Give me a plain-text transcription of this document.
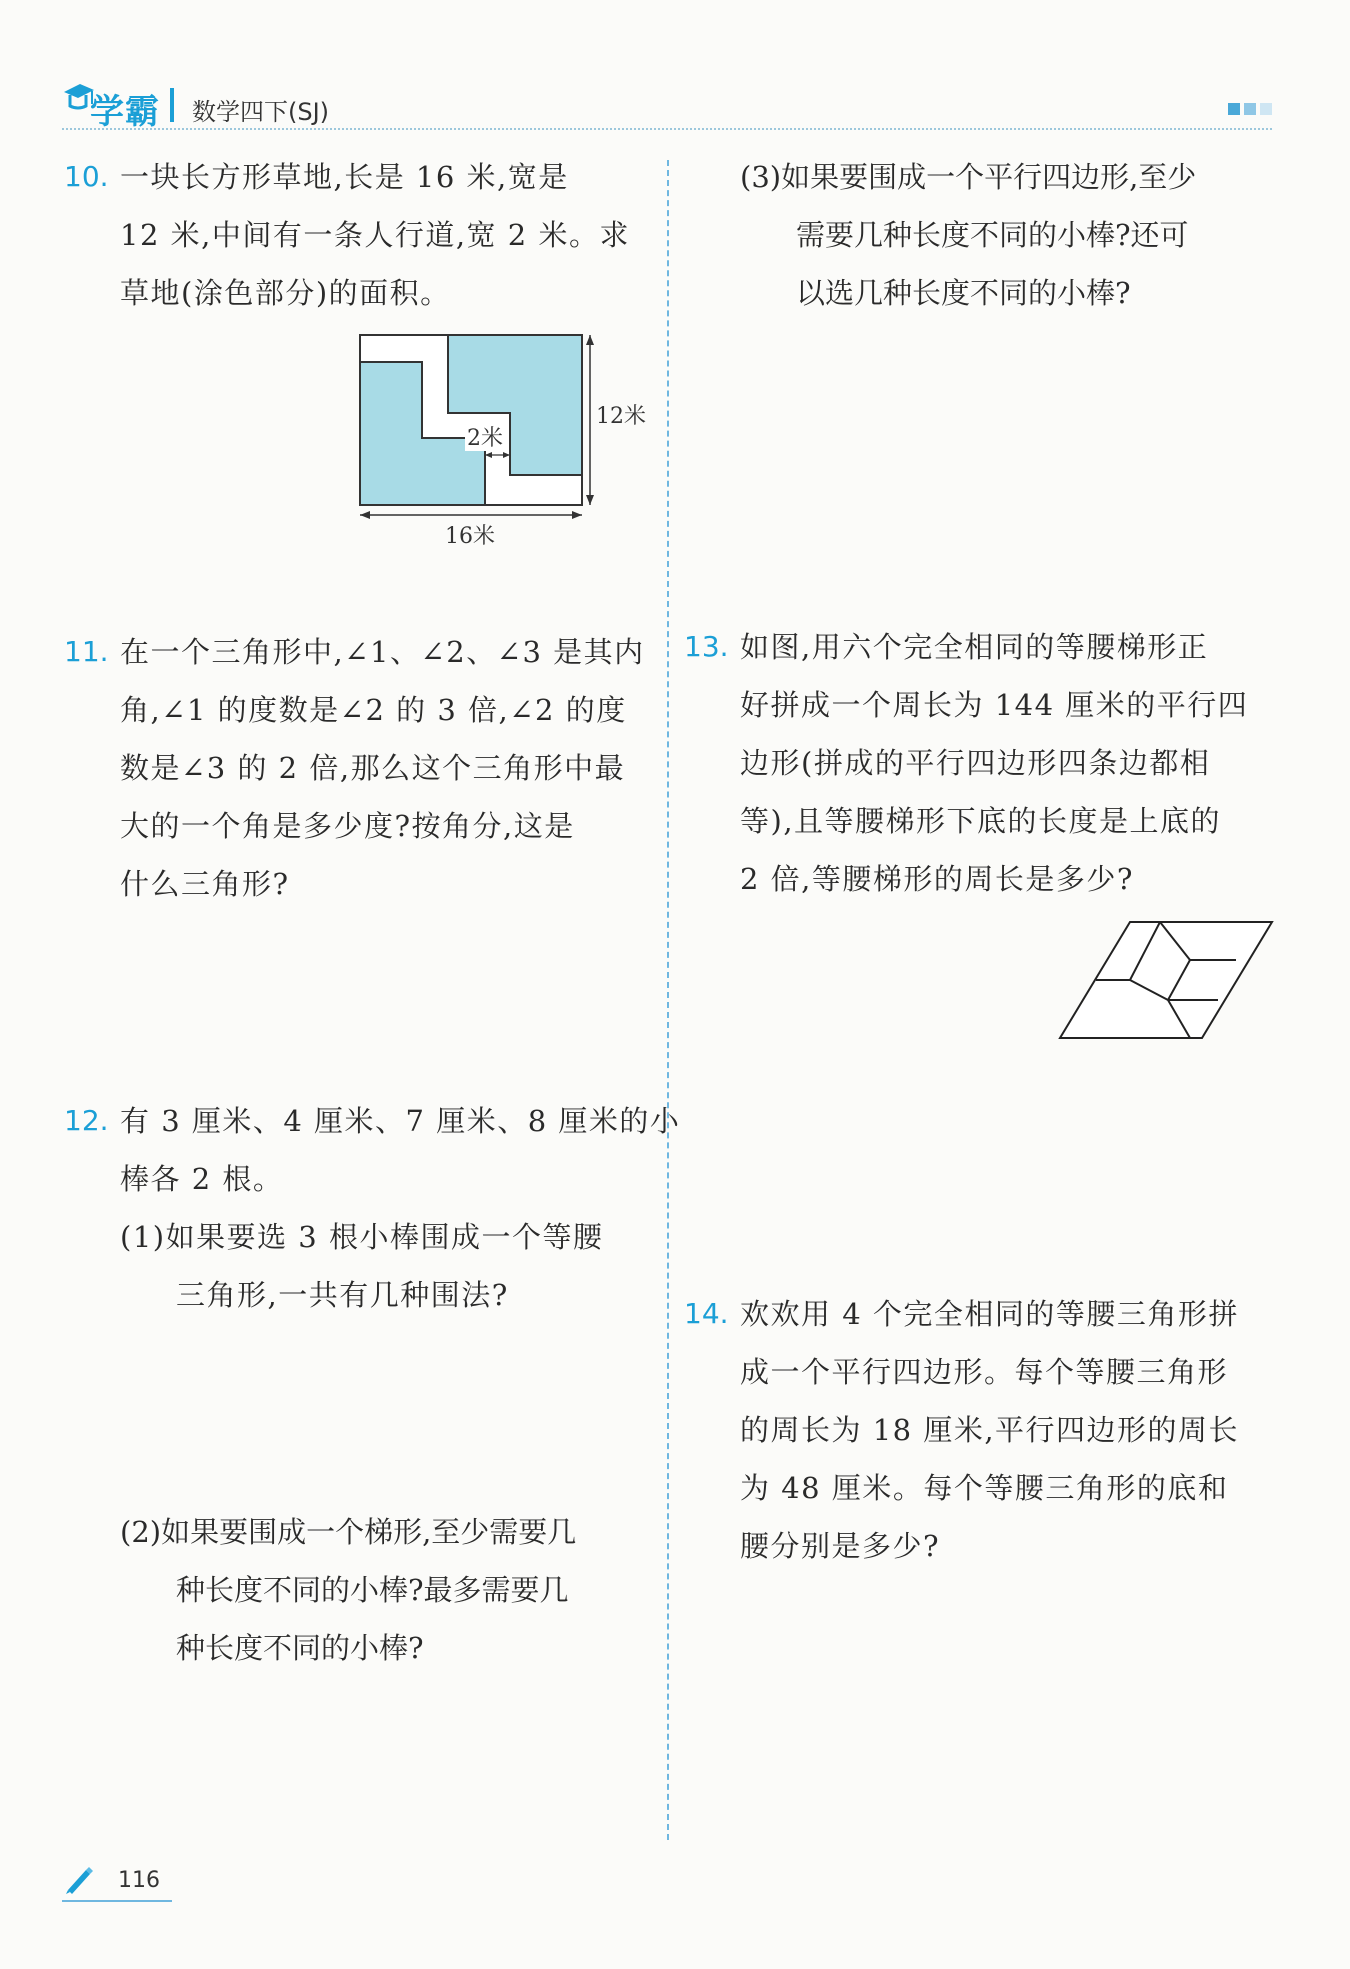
学霸 数学四下(SJ)
10. 一块长方形草地,长是 16 米,宽是
12 米,中间有一条人行道,宽 2 米。求
草地(涂色部分)的面积。
12米
16米
2米
11. 在一个三角形中,∠1、∠2、∠3 是其内
角,∠1 的度数是∠2 的 3 倍,∠2 的度
数是∠3 的 2 倍,那么这个三角形中最
大的一个角是多少度?按角分,这是
什么三角形?
12. 有 3 厘米、4 厘米、7 厘米、8 厘米的小
棒各 2 根。
(1)如果要选 3 根小棒围成一个等腰
三角形,一共有几种围法?
(2)如果要围成一个梯形,至少需要几
种长度不同的小棒?最多需要几
种长度不同的小棒?
(3)如果要围成一个平行四边形,至少
需要几种长度不同的小棒?还可
以选几种长度不同的小棒?
13. 如图,用六个完全相同的等腰梯形正
好拼成一个周长为 144 厘米的平行四
边形(拼成的平行四边形四条边都相
等),且等腰梯形下底的长度是上底的
2 倍,等腰梯形的周长是多少?
14. 欢欢用 4 个完全相同的等腰三角形拼
成一个平行四边形。每个等腰三角形
的周长为 18 厘米,平行四边形的周长
为 48 厘米。每个等腰三角形的底和
腰分别是多少?
116
